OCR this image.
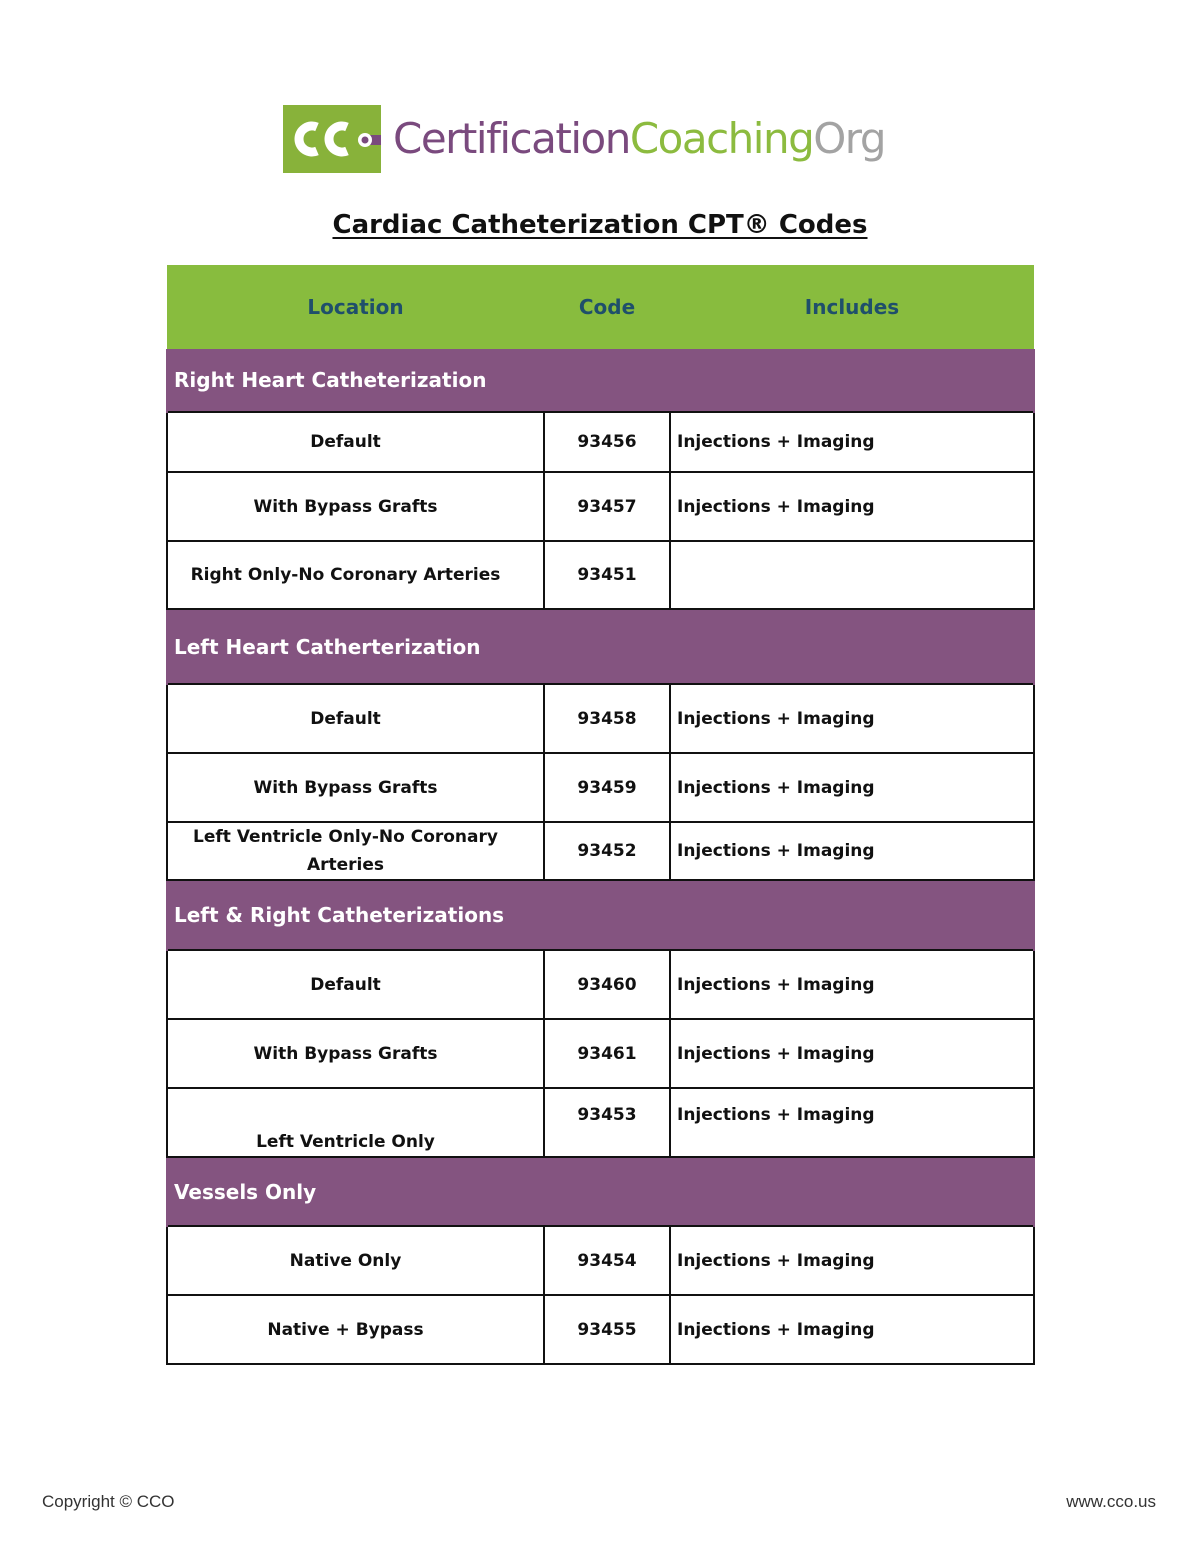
CertificationCoachingOrg
Cardiac Catheterization CPT® Codes
Location	Code	Includes
Right Heart Catheterization		
Default	93456	Injections + Imaging
With Bypass Grafts	93457	Injections + Imaging
Right Only-No Coronary Arteries	93451	
Left Heart Catherterization		
Default	93458	Injections + Imaging
With Bypass Grafts	93459	Injections + Imaging
Left Ventricle Only-No Coronary Arteries	93452	Injections + Imaging
Left & Right Catheterizations		
Default	93460	Injections + Imaging
With Bypass Grafts	93461	Injections + Imaging
Left Ventricle Only	93453	Injections + Imaging
Vessels Only		
Native Only	93454	Injections + Imaging
Native + Bypass	93455	Injections + Imaging
Copyright © CCO	www.cco.us
